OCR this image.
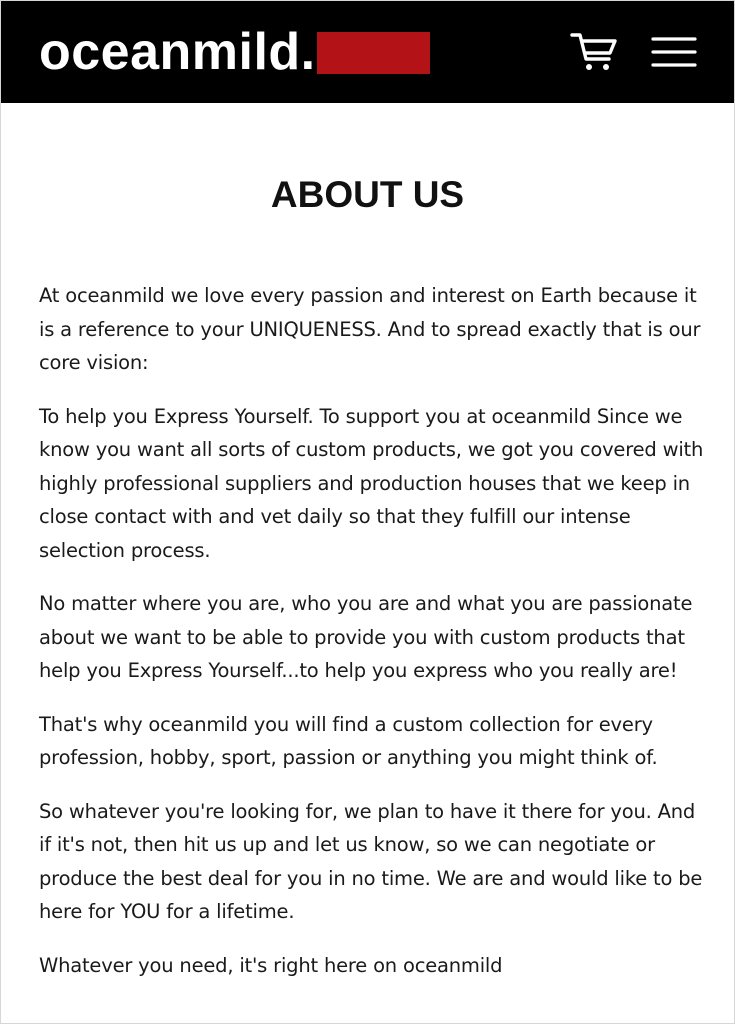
oceanmild.
ABOUT US

At oceanmild we love every passion and interest on Earth because it is a reference to your UNIQUENESS. And to spread exactly that is our core vision:

To help you Express Yourself. To support you at oceanmild Since we know you want all sorts of custom products, we got you covered with highly professional suppliers and production houses that we keep in close contact with and vet daily so that they fulfill our intense selection process.

No matter where you are, who you are and what you are passionate about we want to be able to provide you with custom products that help you Express Yourself...to help you express who you really are!

That's why oceanmild you will find a custom collection for every profession, hobby, sport, passion or anything you might think of.

So whatever you're looking for, we plan to have it there for you. And if it's not, then hit us up and let us know, so we can negotiate or produce the best deal for you in no time. We are and would like to be here for YOU for a lifetime.

Whatever you need, it's right here on oceanmild
